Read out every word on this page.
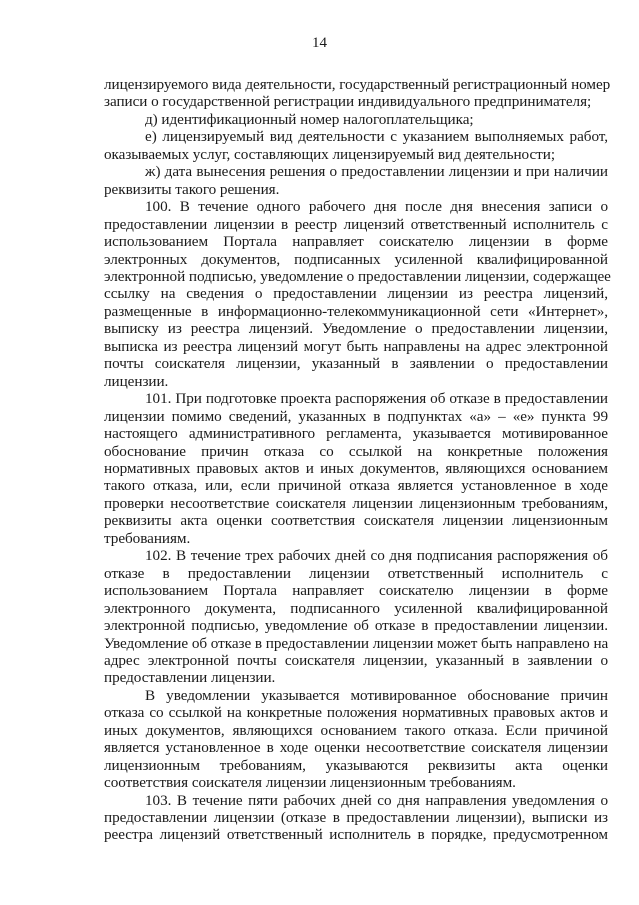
14
лицензируемого вида деятельности, государственный регистрационный номер
записи о государственной регистрации индивидуального предпринимателя;
д) идентификационный номер налогоплательщика;
е) лицензируемый вид деятельности с указанием выполняемых работ,
оказываемых услуг, составляющих лицензируемый вид деятельности;
ж) дата вынесения решения о предоставлении лицензии и при наличии
реквизиты такого решения.
100. В течение одного рабочего дня после дня внесения записи о
предоставлении лицензии в реестр лицензий ответственный исполнитель с
использованием Портала направляет соискателю лицензии в форме
электронных документов, подписанных усиленной квалифицированной
электронной подписью, уведомление о предоставлении лицензии, содержащее
ссылку на сведения о предоставлении лицензии из реестра лицензий,
размещенные в информационно-телекоммуникационной сети «Интернет»,
выписку из реестра лицензий. Уведомление о предоставлении лицензии,
выписка из реестра лицензий могут быть направлены на адрес электронной
почты соискателя лицензии, указанный в заявлении о предоставлении
лицензии.
101. При подготовке проекта распоряжения об отказе в предоставлении
лицензии помимо сведений, указанных в подпунктах «а» – «е» пункта 99
настоящего административного регламента, указывается мотивированное
обоснование причин отказа со ссылкой на конкретные положения
нормативных правовых актов и иных документов, являющихся основанием
такого отказа, или, если причиной отказа является установленное в ходе
проверки несоответствие соискателя лицензии лицензионным требованиям,
реквизиты акта оценки соответствия соискателя лицензии лицензионным
требованиям.
102. В течение трех рабочих дней со дня подписания распоряжения об
отказе в предоставлении лицензии ответственный исполнитель с
использованием Портала направляет соискателю лицензии в форме
электронного документа, подписанного усиленной квалифицированной
электронной подписью, уведомление об отказе в предоставлении лицензии.
Уведомление об отказе в предоставлении лицензии может быть направлено на
адрес электронной почты соискателя лицензии, указанный в заявлении о
предоставлении лицензии.
В уведомлении указывается мотивированное обоснование причин
отказа со ссылкой на конкретные положения нормативных правовых актов и
иных документов, являющихся основанием такого отказа. Если причиной
является установленное в ходе оценки несоответствие соискателя лицензии
лицензионным требованиям, указываются реквизиты акта оценки
соответствия соискателя лицензии лицензионным требованиям.
103. В течение пяти рабочих дней со дня направления уведомления о
предоставлении лицензии (отказе в предоставлении лицензии), выписки из
реестра лицензий ответственный исполнитель в порядке, предусмотренном
